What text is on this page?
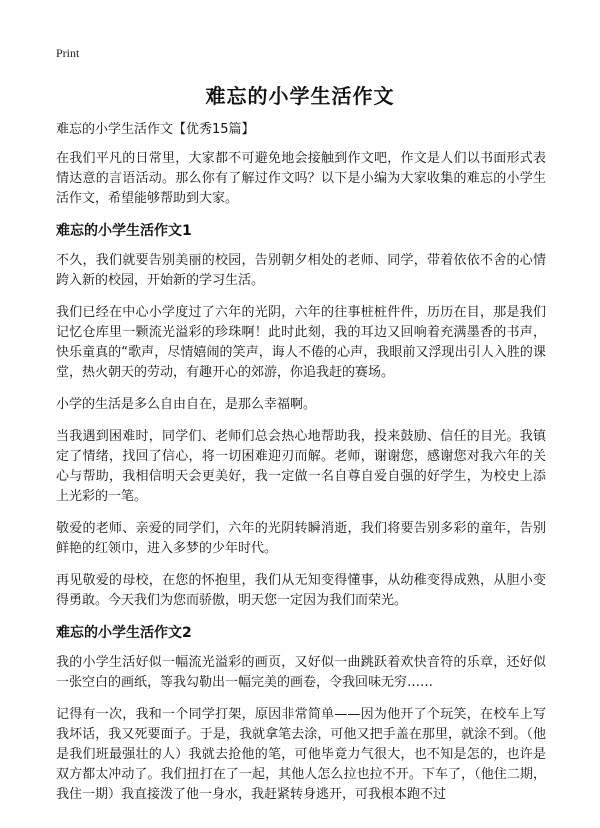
Print
难忘的小学生活作文

难忘的小学生活作文【优秀15篇】

在我们平凡的日常里，大家都不可避免地会接触到作文吧，作文是人们以书面形式表情达意的言语活动。那么你有了解过作文吗？以下是小编为大家收集的难忘的小学生活作文，希望能够帮助到大家。

难忘的小学生活作文1

不久，我们就要告别美丽的校园，告别朝夕相处的老师、同学，带着依依不舍的心情跨入新的校园，开始新的学习生活。

我们已经在中心小学度过了六年的光阴，六年的往事桩桩件件，历历在目，那是我们记忆仓库里一颗流光溢彩的珍珠啊！此时此刻，我的耳边又回响着充满墨香的书声，快乐童真的“歌声，尽情嬉闹的笑声，诲人不倦的心声，我眼前又浮现出引人入胜的课堂，热火朝天的劳动，有趣开心的郊游，你追我赶的赛场。

小学的生活是多么自由自在，是那么幸福啊。

当我遇到困难时，同学们、老师们总会热心地帮助我，投来鼓励、信任的目光。我镇定了情绪，找回了信心，将一切困难迎刃而解。老师，谢谢您，感谢您对我六年的关心与帮助，我相信明天会更美好，我一定做一名自尊自爱自强的好学生，为校史上添上光彩的一笔。

敬爱的老师、亲爱的同学们，六年的光阴转瞬消逝，我们将要告别多彩的童年，告别鲜艳的红领巾，进入多梦的少年时代。

再见敬爱的母校，在您的怀抱里，我们从无知变得懂事，从幼稚变得成熟，从胆小变得勇敢。今天我们为您而骄傲，明天您一定因为我们而荣光。

难忘的小学生活作文2

我的小学生活好似一幅流光溢彩的画页，又好似一曲跳跃着欢快音符的乐章，还好似一张空白的画纸，等我勾勒出一幅完美的画卷，令我回味无穷……

记得有一次，我和一个同学打架，原因非常简单——因为他开了个玩笑，在校车上写我坏话，我又死要面子。于是，我就拿笔去涂，可他又把手盖在那里，就涂不到。（他是我们班最强壮的人）我就去抢他的笔，可他毕竟力气很大，也不知是怎的，也许是双方都太冲动了。我们扭打在了一起，其他人怎么拉也拉不开。下车了，（他住二期，我住一期）我直接泼了他一身水，我赶紧转身逃开，可我根本跑不过
